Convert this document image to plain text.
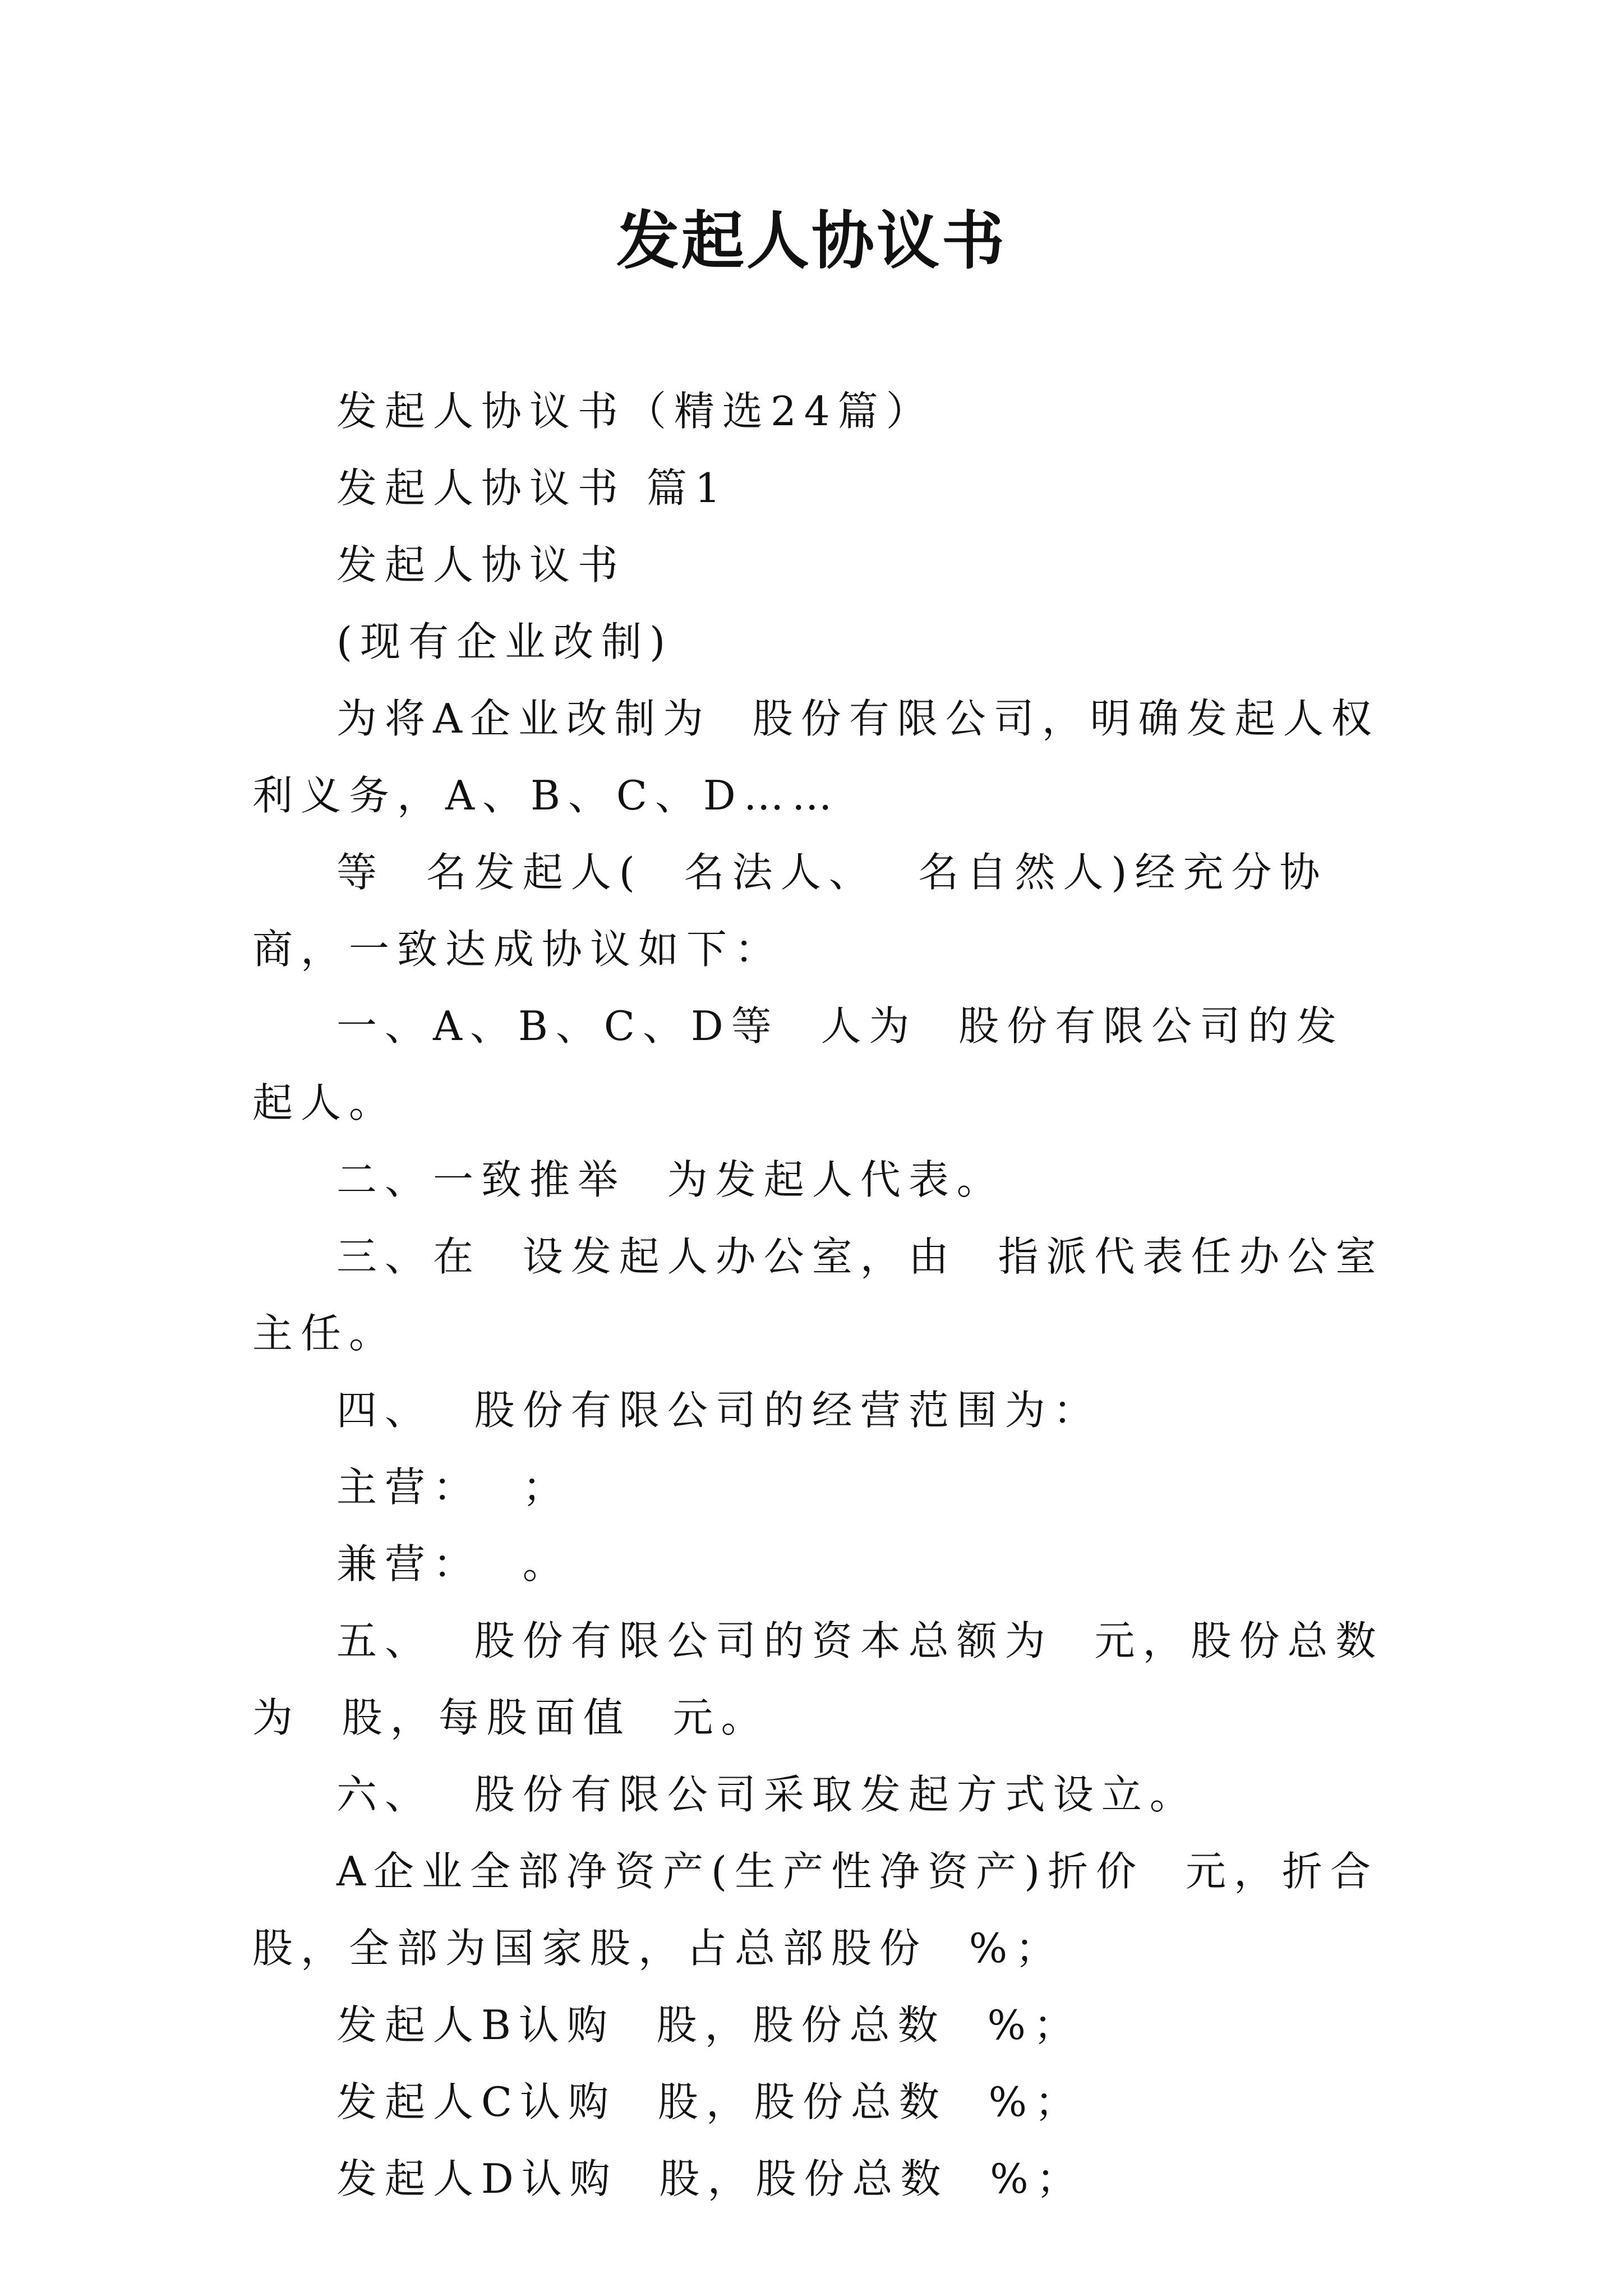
发起人协议书

发起人协议书（精选24篇）

发起人协议书 篇1

发起人协议书

(现有企业改制)

为将A企业改制为  股份有限公司，明确发起人权利义务，A、B、C、D……

等  名发起人(  名法人、  名自然人)经充分协商，一致达成协议如下：

一、A、B、C、D等  人为  股份有限公司的发起人。

二、一致推举  为发起人代表。

三、在  设发起人办公室，由  指派代表任办公室主任。

四、  股份有限公司的经营范围为：

主营：  ；

兼营：  。

五、  股份有限公司的资本总额为  元，股份总数为  股，每股面值  元。

六、  股份有限公司采取发起方式设立。

A企业全部净资产(生产性净资产)折价  元，折合  股，全部为国家股，占总部股份  %；

发起人B认购  股，股份总数  %；

发起人C认购  股，股份总数  %；

发起人D认购  股，股份总数  %；
